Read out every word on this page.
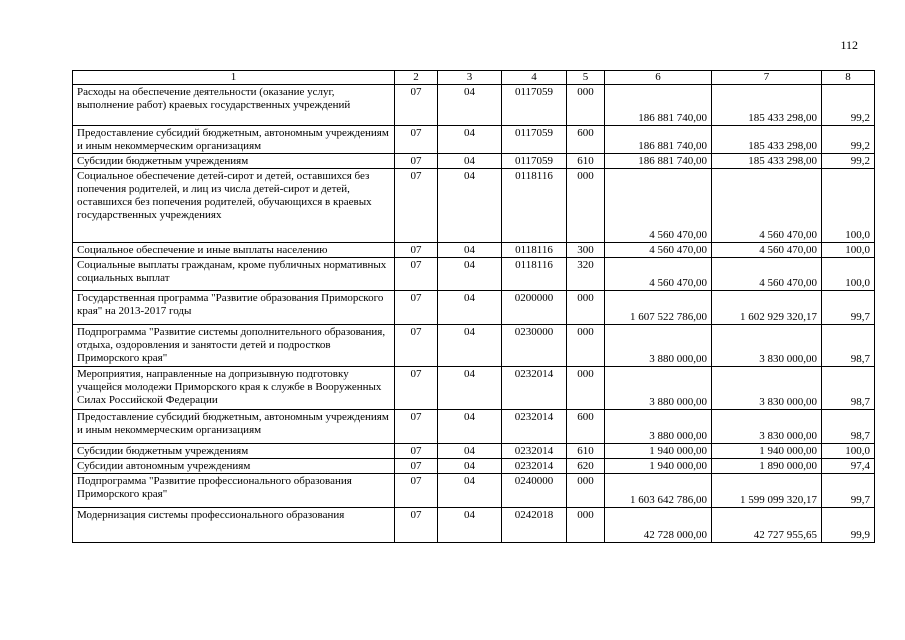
112
1	2	3	4	5	6	7	8
Расходы на обеспечение деятельности (оказание услуг, выполнение работ) краевых государственных учреждений	07	04	0117059	000	186 881 740,00	185 433 298,00	99,2
Предоставление субсидий бюджетным, автономным учреждениям и иным некоммерческим организациям	07	04	0117059	600	186 881 740,00	185 433 298,00	99,2
Субсидии бюджетным учреждениям	07	04	0117059	610	186 881 740,00	185 433 298,00	99,2
Социальное обеспечение детей-сирот и детей, оставшихся без попечения родителей, и лиц из числа детей-сирот и детей, оставшихся без попечения родителей, обучающихся в краевых государственных учреждениях	07	04	0118116	000	4 560 470,00	4 560 470,00	100,0
Социальное обеспечение и иные выплаты населению	07	04	0118116	300	4 560 470,00	4 560 470,00	100,0
Социальные выплаты гражданам, кроме публичных нормативных социальных выплат	07	04	0118116	320	4 560 470,00	4 560 470,00	100,0
Государственная программа "Развитие образования Приморского края" на 2013-2017 годы	07	04	0200000	000	1 607 522 786,00	1 602 929 320,17	99,7
Подпрограмма "Развитие системы дополнительного образования, отдыха, оздоровления и занятости детей и подростков Приморского края"	07	04	0230000	000	3 880 000,00	3 830 000,00	98,7
Мероприятия, направленные на допризывную подготовку учащейся молодежи Приморского края к службе в Вооруженных Силах Российской Федерации	07	04	0232014	000	3 880 000,00	3 830 000,00	98,7
Предоставление субсидий бюджетным, автономным учреждениям и иным некоммерческим организациям	07	04	0232014	600	3 880 000,00	3 830 000,00	98,7
Субсидии бюджетным учреждениям	07	04	0232014	610	1 940 000,00	1 940 000,00	100,0
Субсидии автономным учреждениям	07	04	0232014	620	1 940 000,00	1 890 000,00	97,4
Подпрограмма "Развитие профессионального образования Приморского края"	07	04	0240000	000	1 603 642 786,00	1 599 099 320,17	99,7
Модернизация системы профессионального образования	07	04	0242018	000	42 728 000,00	42 727 955,65	99,9
